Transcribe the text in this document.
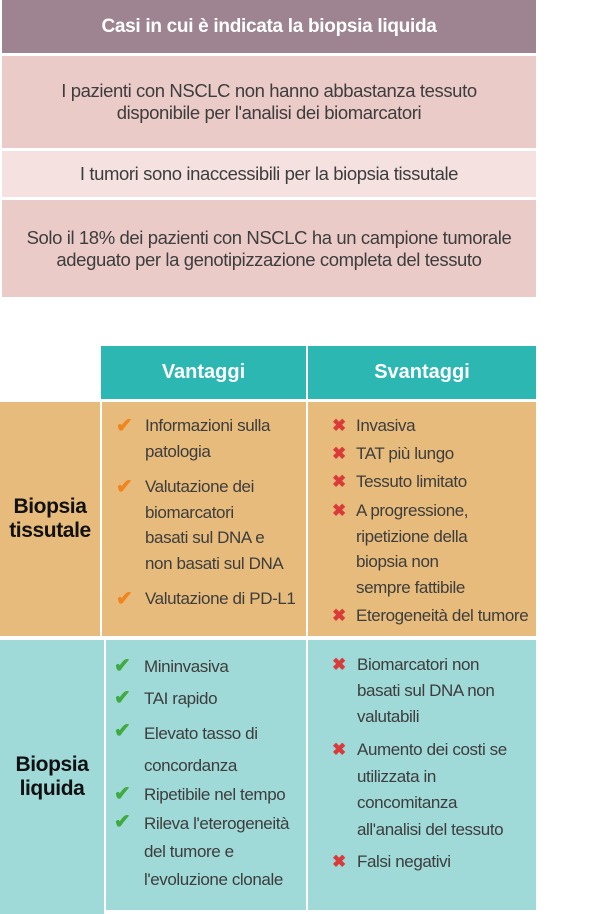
Casi in cui è indicata la biopsia liquida
I pazienti con NSCLC non hanno abbastanza tessuto disponibile per l'analisi dei biomarcatori
I tumori sono inaccessibili per la biopsia tissutale
Solo il 18% dei pazienti con NSCLC ha un campione tumorale adeguato per la genotipizzazione completa del tessuto
Vantaggi	Svantaggi
Biopsia
tissutale
Biopsia
liquida
✔ Informazioni sulla
patologia
✔ Valutazione dei
biomarcatori
basati sul DNA e
non basati sul DNA
✔ Valutazione di PD-L1
✖ Invasiva
✖ TAT più lungo
✖ Tessuto limitato
✖ A progressione,
ripetizione della
biopsia non
sempre fattibile
✖ Eterogeneità del tumore
✔ Mininvasiva
✔ TAI rapido
✔ Elevato tasso di
concordanza
✔ Ripetibile nel tempo
✔ Rileva l'eterogeneità
del tumore e
l'evoluzione clonale
✖ Biomarcatori non
basati sul DNA non
valutabili
✖ Aumento dei costi se
utilizzata in
concomitanza
all'analisi del tessuto
✖ Falsi negativi
